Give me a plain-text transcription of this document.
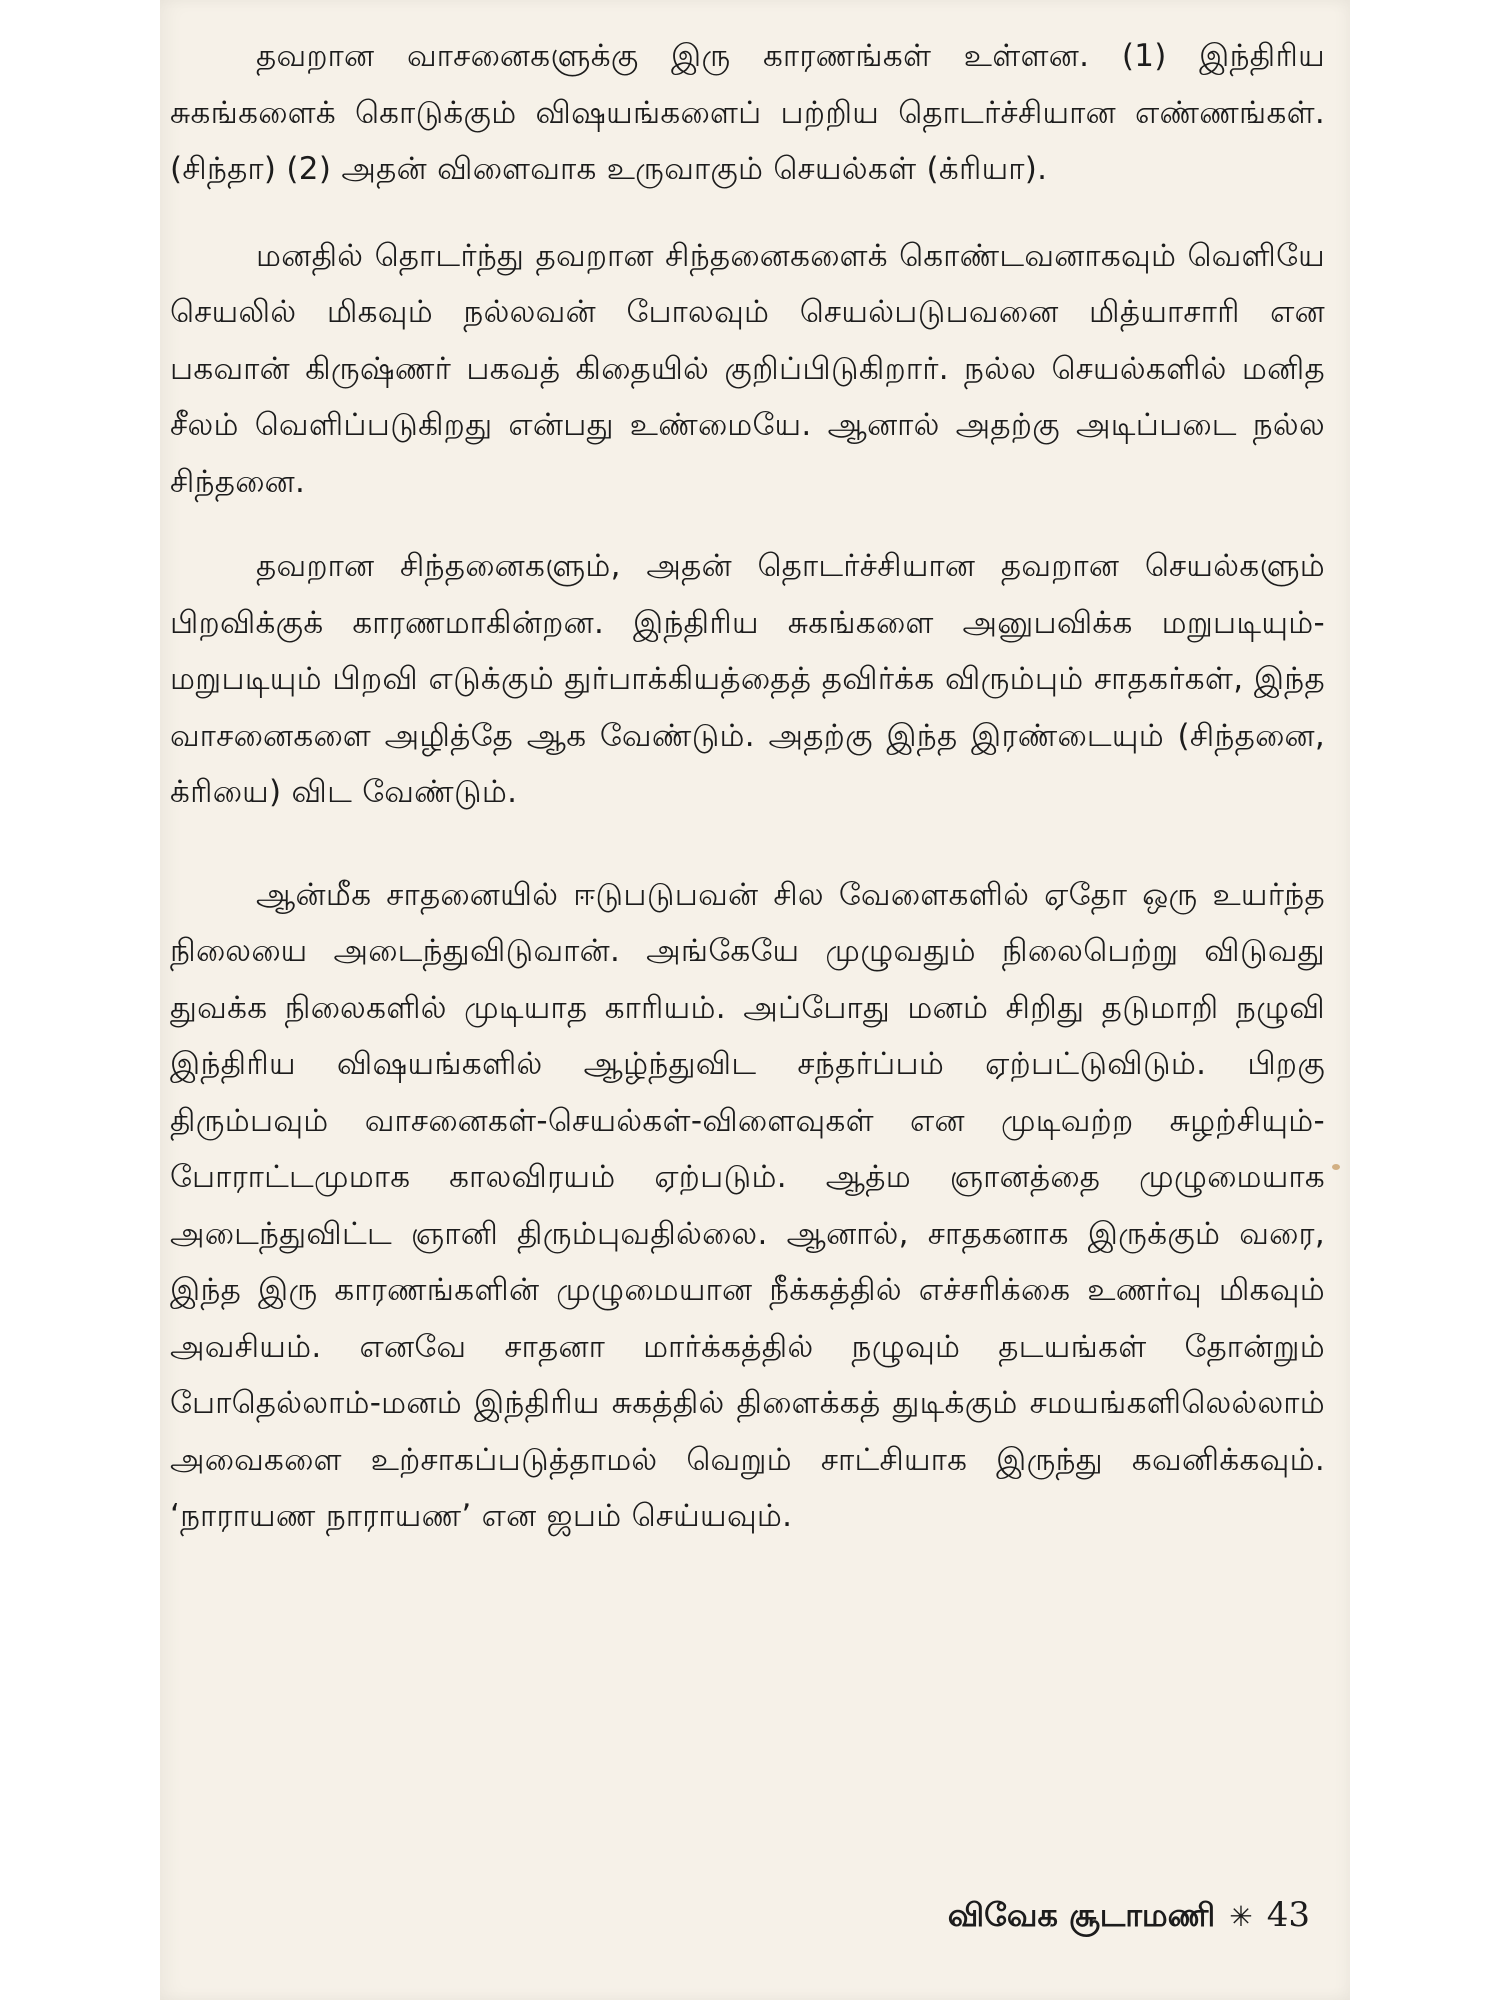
தவறான வாசனைகளுக்கு இரு காரணங்கள் உள்ளன. (1) இந்திரிய சுகங்களைக் கொடுக்கும் விஷயங்களைப் பற்றிய தொடர்ச்சியான எண்ணங்கள். (சிந்தா) (2) அதன் விளைவாக உருவாகும் செயல்கள் (க்ரியா).

மனதில் தொடர்ந்து தவறான சிந்தனைகளைக் கொண்டவனாகவும் வெளியே செயலில் மிகவும் நல்லவன் போலவும் செயல்படுபவனை மித்யாசாரி என பகவான் கிருஷ்ணர் பகவத் கிதையில் குறிப்பிடுகிறார். நல்ல செயல்களில் மனித சீலம் வெளிப்படுகிறது என்பது உண்மையே. ஆனால் அதற்கு அடிப்படை நல்ல சிந்தனை.

தவறான சிந்தனைகளும், அதன் தொடர்ச்சியான தவறான செயல்களும் பிறவிக்குக் காரணமாகின்றன. இந்திரிய சுகங்களை அனுபவிக்க மறுபடியும்-மறுபடியும் பிறவி எடுக்கும் துர்பாக்கியத்தைத் தவிர்க்க விரும்பும் சாதகர்கள், இந்த வாசனைகளை அழித்தே ஆக வேண்டும். அதற்கு இந்த இரண்டையும் (சிந்தனை, க்ரியை) விட வேண்டும்.

ஆன்மீக சாதனையில் ஈடுபடுபவன் சில வேளைகளில் ஏதோ ஒரு உயர்ந்த நிலையை அடைந்துவிடுவான். அங்கேயே முழுவதும் நிலைபெற்று விடுவது துவக்க நிலைகளில் முடியாத காரியம். அப்போது மனம் சிறிது தடுமாறி நழுவி இந்திரிய விஷயங்களில் ஆழ்ந்துவிட சந்தர்ப்பம் ஏற்பட்டுவிடும். பிறகு திரும்பவும் வாசனைகள்-செயல்கள்-விளைவுகள் என முடிவற்ற சுழற்சியும்-போராட்டமுமாக காலவிரயம் ஏற்படும். ஆத்ம ஞானத்தை முழுமையாக அடைந்துவிட்ட ஞானி திரும்புவதில்லை. ஆனால், சாதகனாக இருக்கும் வரை, இந்த இரு காரணங்களின் முழுமையான நீக்கத்தில் எச்சரிக்கை உணர்வு மிகவும் அவசியம். எனவே சாதனா மார்க்கத்தில் நழுவும் தடயங்கள் தோன்றும் போதெல்லாம்-மனம் இந்திரிய சுகத்தில் திளைக்கத் துடிக்கும் சமயங்களிலெல்லாம் அவைகளை உற்சாகப்படுத்தாமல் வெறும் சாட்சியாக இருந்து கவனிக்கவும். ‘நாராயண நாராயண’ என ஜபம் செய்யவும்.

விவேக சூடாமணி ✳ 43
